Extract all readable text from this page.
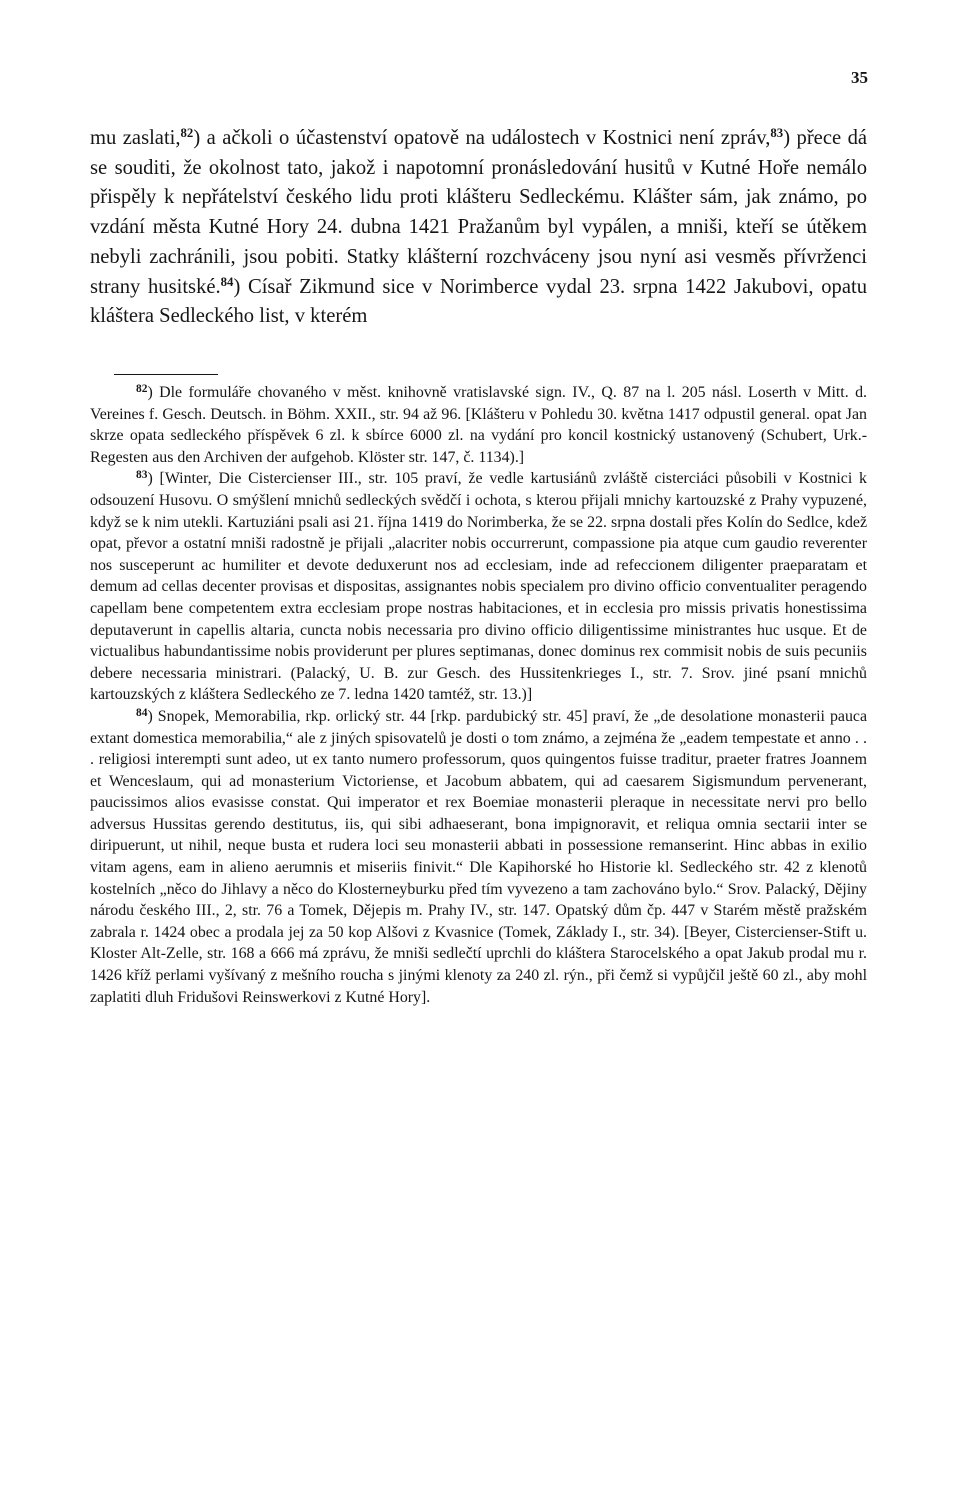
35
mu zaslati,$^{82}$) a ačkoli o účastenství opatově na událostech v Kostnici není zpráv,$^{83}$) přece dá se souditi, že okolnost tato, jakož i napotomní pronásledování husitů v Kutné Hoře nemálo přispěly k nepřátelství českého lidu proti klášteru Sedleckému. Klášter sám, jak známo, po vzdání města Kutné Hory 24. dubna 1421 Pražanům byl vypálen, a mniši, kteří se útěkem nebyli zachránili, jsou pobiti. Statky klášterní rozchváceny jsou nyní asi vesměs přívrženci strany husitské.$^{84}$) Císař Zikmund sice v Norimberce vydal 23. srpna 1422 Jakubovi, opatu kláštera Sedleckého list, v kterém

$^{82}$) Dle formuláře chovaného v měst. knihovně vratislavské sign. IV., Q. 87 na l. 205 násl. Loserth v Mitt. d. Vereines f. Gesch. Deutsch. in Böhm. XXII., str. 94 až 96. [Klášteru v Pohledu 30. května 1417 odpustil general. opat Jan skrze opata sedleckého příspěvek 6 zl. k sbírce 6000 zl. na vydání pro koncil kostnický ustanovený (Schubert, Urk.-Regesten aus den Archiven der aufgehob. Klöster str. 147, č. 1134).]

$^{83}$) [Winter, Die Cistercienser III., str. 105 praví, že vedle kartusiánů zvláště cisterciáci působili v Kostnici k odsouzení Husovu. O smýšlení mnichů sedleckých svědčí i ochota, s kterou přijali mnichy kartouzské z Prahy vypuzené, když se k nim utekli. Kartuziáni psali asi 21. října 1419 do Norimberka, že se 22. srpna dostali přes Kolín do Sedlce, kdež opat, převor a ostatní mniši radostně je přijali „alacriter nobis occurrerunt, compassione pia atque cum gaudio reverenter nos susceperunt ac humiliter et devote deduxerunt nos ad ecclesiam, inde ad refeccionem diligenter praeparatam et demum ad cellas decenter provisas et dispositas, assignantes nobis specialem pro divino officio conventualiter peragendo capellam bene competentem extra ecclesiam prope nostras habitaciones, et in ecclesia pro missis privatis honestissima deputaverunt in capellis altaria, cuncta nobis necessaria pro divino officio diligentissime ministrantes huc usque. Et de victualibus habundantissime nobis providerunt per plures septimanas, donec dominus rex commisit nobis de suis pecuniis debere necessaria ministrari. (Palacký, U. B. zur Gesch. des Hussitenkrieges I., str. 7. Srov. jiné psaní mnichů kartouzských z kláštera Sedleckého ze 7. ledna 1420 tamtéž, str. 13.)]

$^{84}$) Snopek, Memorabilia, rkp. orlický str. 44 [rkp. pardubický str. 45] praví, že „de desolatione monasterii pauca extant domestica memorabilia,“ ale z jiných spisovatelů je dosti o tom známo, a zejména že „eadem tempestate et anno . . . religiosi interempti sunt adeo, ut ex tanto numero professorum, quos quingentos fuisse traditur, praeter fratres Joannem et Wenceslaum, qui ad monasterium Victoriense, et Jacobum abbatem, qui ad caesarem Sigismundum pervenerant, paucissimos alios evasisse constat. Qui imperator et rex Boemiae monasterii pleraque in necessitate nervi pro bello adversus Hussitas gerendo destitutus, iis, qui sibi adhaeserant, bona impignoravit, et reliqua omnia sectarii inter se diripuerunt, ut nihil, neque busta et rudera loci seu monasterii abbati in possessione remanserint. Hinc abbas in exilio vitam agens, eam in alieno aerumnis et miseriis finivit.“ Dle Kapihorské ho Historie kl. Sedleckého str. 42 z klenotů kostelních „něco do Jihlavy a něco do Klosterneyburku před tím vyvezeno a tam zachováno bylo.“ Srov. Palacký, Dějiny národu českého III., 2, str. 76 a Tomek, Dějepis m. Prahy IV., str. 147. Opatský dům čp. 447 v Starém městě pražském zabrala r. 1424 obec a prodala jej za 50 kop Alšovi z Kvasnice (Tomek, Základy I., str. 34). [Beyer, Cistercienser-Stift u. Kloster Alt-Zelle, str. 168 a 666 má zprávu, že mniši sedlečtí uprchli do kláštera Starocelského a opat Jakub prodal mu r. 1426 kříž perlami vyšívaný z mešního roucha s jinými klenoty za 240 zl. rýn., při čemž si vypůjčil ještě 60 zl., aby mohl zaplatiti dluh Fridušovi Reinswerkovi z Kutné Hory].
